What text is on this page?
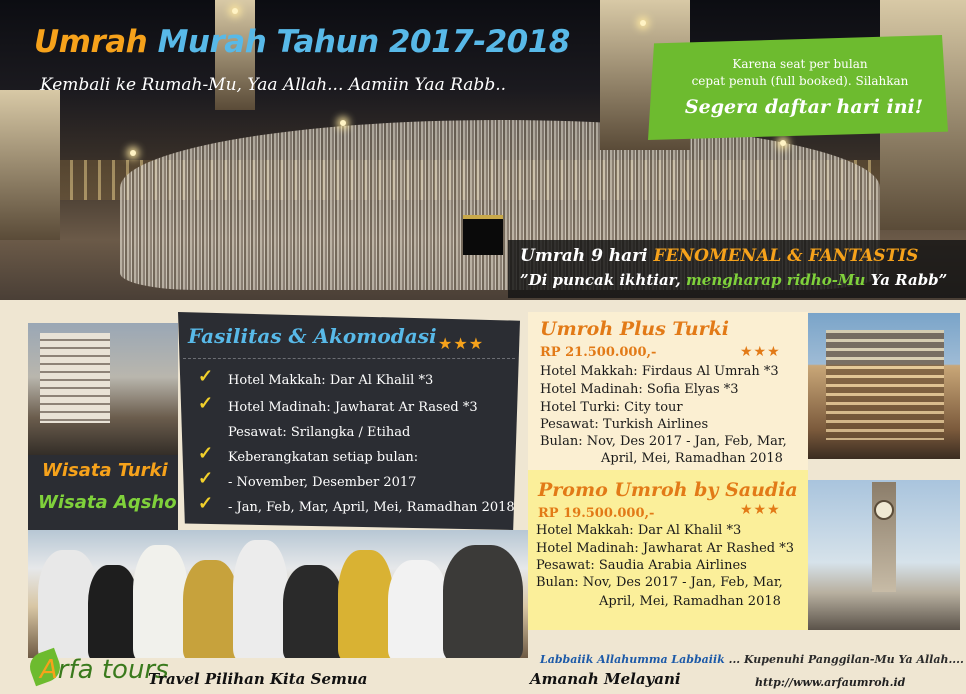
Umrah Murah Tahun 2017-2018
Kembali ke Rumah-Mu, Yaa Allah... Aamiin Yaa Rabb..
Karena seat per bulan
cepat penuh (full booked). Silahkan
Segera daftar hari ini!
Umrah 9 hari FENOMENAL & FANTASTIS
”Di puncak ikhtiar, mengharap ridho-Mu Ya Rabb”
Fasilitas & Akomodasi ★★★
✓ Hotel Makkah: Dar Al Khalil *3
✓ Hotel Madinah: Jawharat Ar Rased *3
Pesawat: Srilangka / Etihad
✓ Keberangkatan setiap bulan:
✓ - November, Desember 2017
✓ - Jan, Feb, Mar, April, Mei, Ramadhan 2018
Wisata Turki
Wisata Aqsho
Umroh Plus Turki
RP 21.500.000,-	★★★
Hotel Makkah: Firdaus Al Umrah *3
Hotel Madinah: Sofia Elyas *3
Hotel Turki: City tour
Pesawat: Turkish Airlines
Bulan: Nov, Des 2017 - Jan, Feb, Mar,
April, Mei, Ramadhan 2018
Promo Umroh by Saudia
RP 19.500.000,-	★★★
Hotel Makkah: Dar Al Khalil *3
Hotel Madinah: Jawharat Ar Rashed *3
Pesawat: Saudia Arabia Airlines
Bulan: Nov, Des 2017 - Jan, Feb, Mar,
April, Mei, Ramadhan 2018
Labbaiik Allahumma Labbaiik ... Kupenuhi Panggilan-Mu Ya Allah....
Arfa tours
Travel Pilihan Kita Semua	Amanah Melayani	http://www.arfaumroh.id
